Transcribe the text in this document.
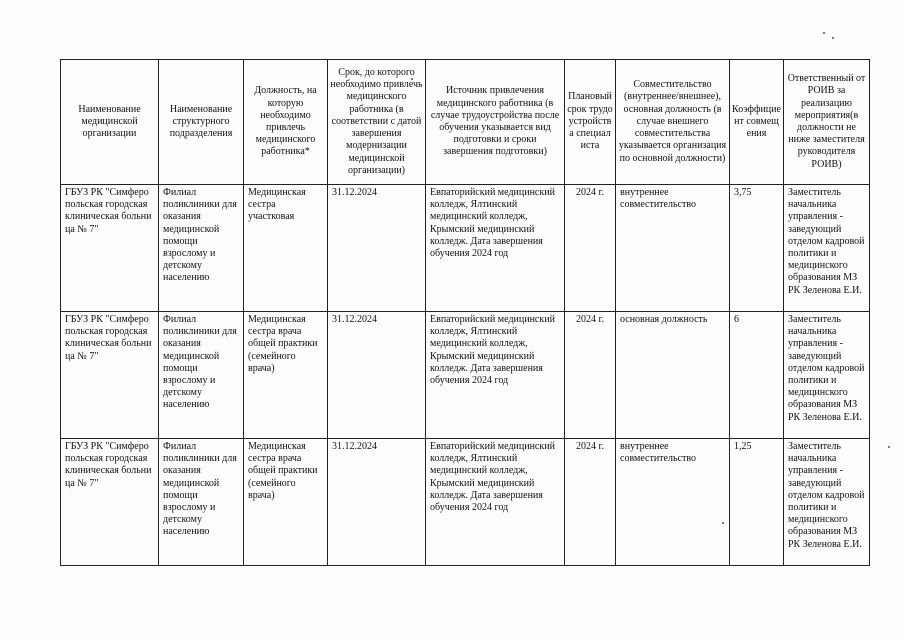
Наименование медицинской организации	Наименование структурного подразделения	Должность, на которую необходимо привлечь медицинского работника*	Срок, до которого необходимо привлечь медицинского работника (в соответствии с датой завершения модернизации медицинской организации)	Источник привлечения медицинского работника (в случае трудоустройства после обучения указывается вид подготовки и сроки завершения подготовки)	Плановый срок трудоустройства специалиста	Совместительство (внутреннее/внешнее), основная должность (в случае внешнего совместительства указывается организация по основной должности)	Коэффициент совмещения	Ответственный от РОИВ за реализацию мероприятия(в должности не ниже заместителя руководителя РОИВ)
ГБУЗ РК "Симферопольская городская клиническая больница № 7"	Филиал поликлиники для оказания медицинской помощи взрослому и детскому населению	Медицинская сестра участковая	31.12.2024	Евпаторийский медицинский колледж, Ялтинский медицинский колледж, Крымский медицинский колледж. Дата завершения обучения 2024 год	2024 г.	внутреннее совместительство	3,75	Заместитель начальника управления - заведующий отделом кадровой политики и медицинского образования МЗ РК Зеленова Е.И.
ГБУЗ РК "Симферопольская городская клиническая больница № 7"	Филиал поликлиники для оказания медицинской помощи взрослому и детскому населению	Медицинская сестра врача общей практики (семейного врача)	31.12.2024	Евпаторийский медицинский колледж, Ялтинский медицинский колледж, Крымский медицинский колледж. Дата завершения обучения 2024 год	2024 г.	основная должность	6	Заместитель начальника управления - заведующий отделом кадровой политики и медицинского образования МЗ РК Зеленова Е.И.
ГБУЗ РК "Симферопольская городская клиническая больница № 7"	Филиал поликлиники для оказания медицинской помощи взрослому и детскому населению	Медицинская сестра врача общей практики (семейного врача)	31.12.2024	Евпаторийский медицинский колледж, Ялтинский медицинский колледж, Крымский медицинский колледж. Дата завершения обучения 2024 год	2024 г.	внутреннее совместительство	1,25	Заместитель начальника управления - заведующий отделом кадровой политики и медицинского образования МЗ РК Зеленова Е.И.
